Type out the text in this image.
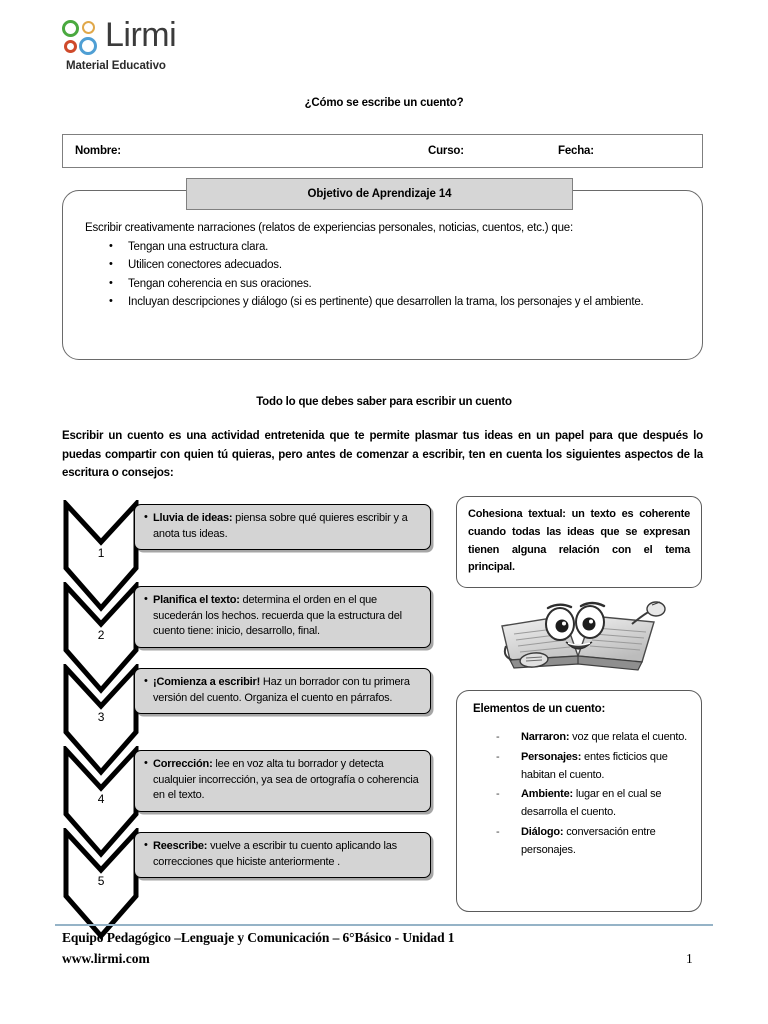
Lirmi
Material Educativo
¿Cómo se escribe un cuento?
Nombre:	Curso:	Fecha:
Objetivo de Aprendizaje 14

Escribir creativamente narraciones (relatos de experiencias personales, noticias, cuentos, etc.) que:

• Tengan una estructura clara.
• Utilicen conectores adecuados.
• Tengan coherencia en sus oraciones.
• Incluyan descripciones y diálogo (si es pertinente) que desarrollen la trama, los personajes y el ambiente.
Todo lo que debes saber para escribir un cuento
Escribir un cuento es una actividad entretenida que te permite plasmar tus ideas en un papel para que después lo puedas compartir con quien tú quieras, pero antes de comenzar a escribir, ten en cuenta los siguientes aspectos de la escritura o consejos:
1
• Lluvia de ideas: piensa sobre qué quieres escribir y a anota tus ideas.
2
• Planifica el texto: determina el orden en el que sucederán los hechos. recuerda que la estructura del cuento tiene: inicio, desarrollo, final.
3
• ¡Comienza a escribir! Haz un borrador con tu primera versión del cuento. Organiza el cuento en párrafos.
4
• Corrección: lee en voz alta tu borrador y detecta cualquier incorrección, ya sea de ortografía o coherencia en el texto.
5
• Reescribe: vuelve a escribir tu cuento aplicando las correcciones que hiciste anteriormente .
Cohesiona textual: un texto es coherente cuando todas las ideas que se expresan tienen alguna relación con el tema principal.
Elementos de un cuento:
- Narraron: voz que relata el cuento.
- Personajes: entes ficticios que habitan el cuento.
- Ambiente: lugar en el cual se desarrolla el cuento.
- Diálogo: conversación entre personajes.
Equipo Pedagógico –Lenguaje y Comunicación – 6°Básico - Unidad 1
www.lirmi.com	1
